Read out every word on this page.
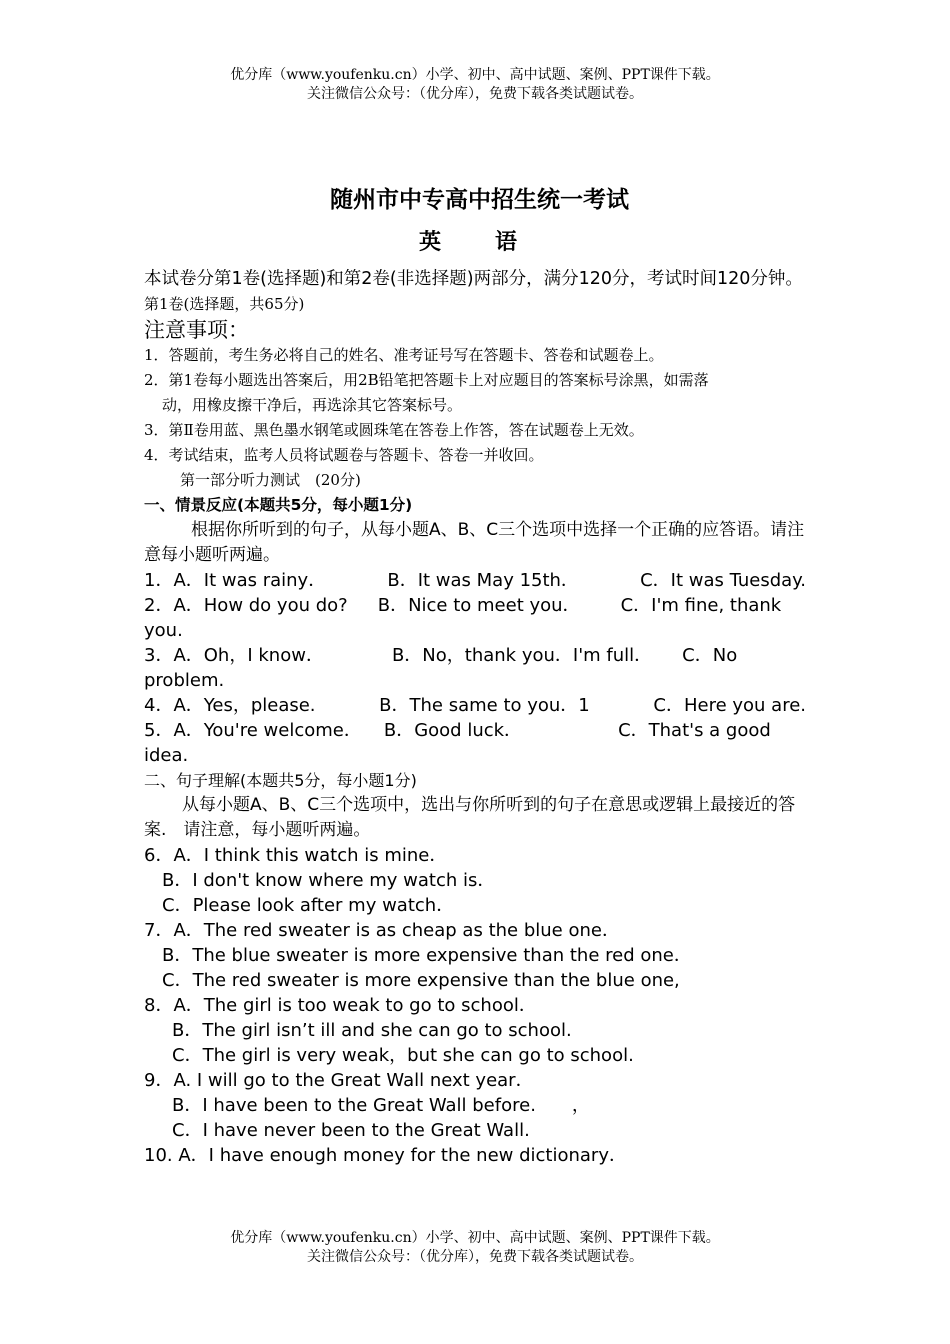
优分库（www.youfenku.cn）小学、初中、高中试题、案例、PPT课件下载。
关注微信公众号：（优分库），免费下载各类试题试卷。
随州市中专高中招生统一考试
英语
本试卷分第1卷(选择题)和第2卷(非选择题)两部分，满分120分，考试时间120分钟。
第1卷(选择题，共65分)
注意事项：
1．答题前，考生务必将自己的姓名、准考证号写在答题卡、答卷和试题卷上。
2．第1卷每小题选出答案后，用2B铅笔把答题卡上对应题目的答案标号涂黑，如需落
动，用橡皮擦干净后，再选涂其它答案标号。
3．第Ⅱ卷用蓝、黑色墨水钢笔或圆珠笔在答卷上作答，答在试题卷上无效。
4．考试结束，监考人员将试题卷与答题卡、答卷一并收回。
第一部分听力测试　(20分)
一、情景反应(本题共5分，每小题1分)
根据你所听到的句子，从每小题A、B、C三个选项中选择一个正确的应答语。请注意每小题听两遍。
1．A．It was rainy．	B．It was May 15th．	C．It was Tuesday.
2．A．How do you do? B．Nice to meet you． C．I'm fine, thank you.
3．A．Oh，I know．	B．No，thank you．I'm full． C．No problem.
4．A．Yes，please.	B．The same to you．1	C．Here you are.
5．A．You're welcome． B．Good luck．	C．That's a good idea.
二、句子理解(本题共5分，每小题1分)
从每小题A、B、C三个选项中，选出与你所听到的句子在意思或逻辑上最接近的答案.　请注意，每小题听两遍。
6．A．I think this watch is mine．
B．I don't know where my watch is．
C．Please look after my watch．
7．A．The red sweater is as cheap as the blue one．
B．The blue sweater is more expensive than the red one．
C．The red sweater is more expensive than the blue one,
8．A．The girl is too weak to go to school．
B．The girl isn’t ill and she can go to school.
C．The girl is very weak，but she can go to school.
9．A. I will go to the Great Wall next year．
B．I have been to the Great Wall before.　　，
C．I have never been to the Great Wall.
10. A．I have enough money for the new dictionary．
优分库（www.youfenku.cn）小学、初中、高中试题、案例、PPT课件下载。
关注微信公众号：（优分库），免费下载各类试题试卷。
